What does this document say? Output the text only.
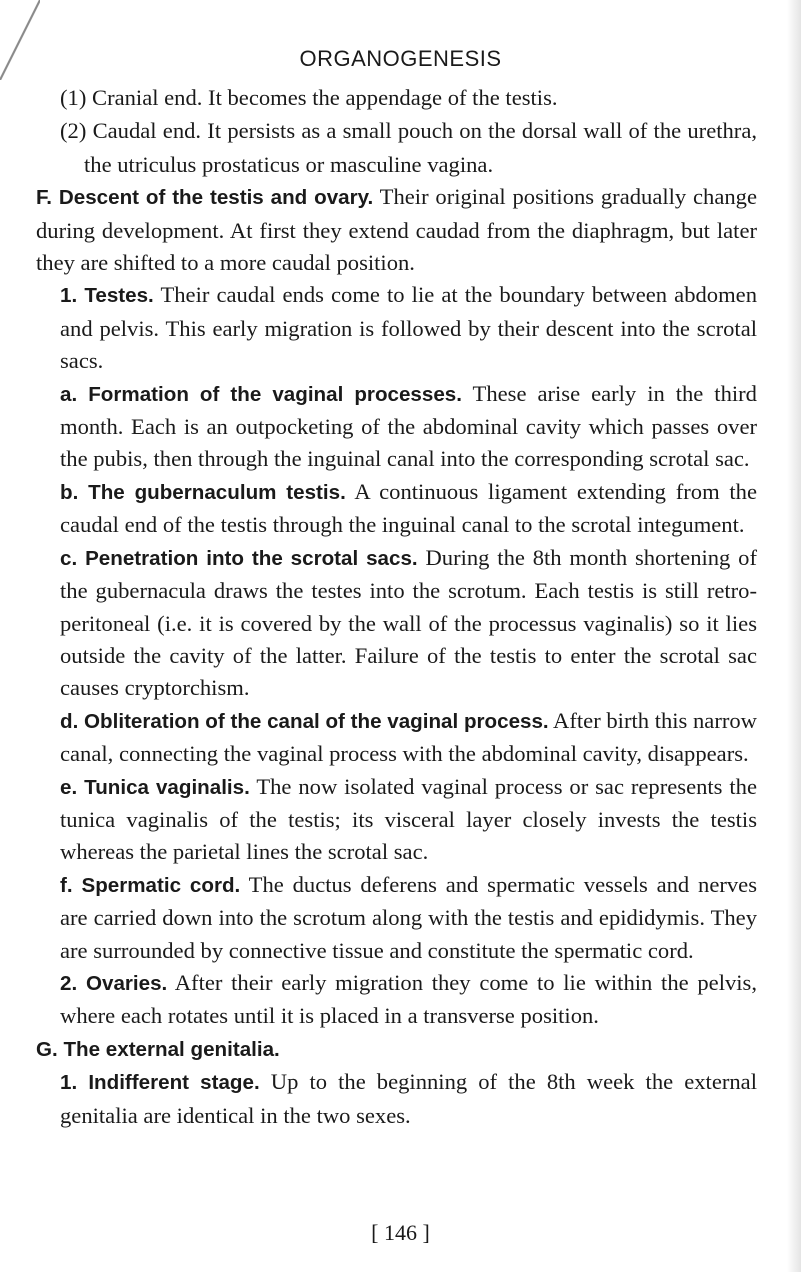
ORGANOGENESIS

(1) Cranial end. It becomes the appendage of the testis.

(2) Caudal end. It persists as a small pouch on the dorsal wall of the urethra, the utriculus prostaticus or masculine vagina.

F. Descent of the testis and ovary. Their original positions gradually change during development. At first they extend caudad from the diaphragm, but later they are shifted to a more caudal position.

1. Testes. Their caudal ends come to lie at the boundary between abdomen and pelvis. This early migration is followed by their descent into the scrotal sacs.

a. Formation of the vaginal processes. These arise early in the third month. Each is an outpocketing of the abdominal cavity which passes over the pubis, then through the inguinal canal into the corresponding scrotal sac.

b. The gubernaculum testis. A continuous ligament extending from the caudal end of the testis through the inguinal canal to the scrotal integument.

c. Penetration into the scrotal sacs. During the 8th month shortening of the gubernacula draws the testes into the scrotum. Each testis is still retro-peritoneal (i.e. it is covered by the wall of the processus vaginalis) so it lies outside the cavity of the latter. Failure of the testis to enter the scrotal sac causes cryptorchism.

d. Obliteration of the canal of the vaginal process. After birth this narrow canal, connecting the vaginal process with the abdominal cavity, disappears.

e. Tunica vaginalis. The now isolated vaginal process or sac represents the tunica vaginalis of the testis; its visceral layer closely invests the testis whereas the parietal lines the scrotal sac.

f. Spermatic cord. The ductus deferens and spermatic vessels and nerves are carried down into the scrotum along with the testis and epididymis. They are surrounded by connective tissue and constitute the spermatic cord.

2. Ovaries. After their early migration they come to lie within the pelvis, where each rotates until it is placed in a transverse position.

G. The external genitalia.

1. Indifferent stage. Up to the beginning of the 8th week the external genitalia are identical in the two sexes.

[ 146 ]
